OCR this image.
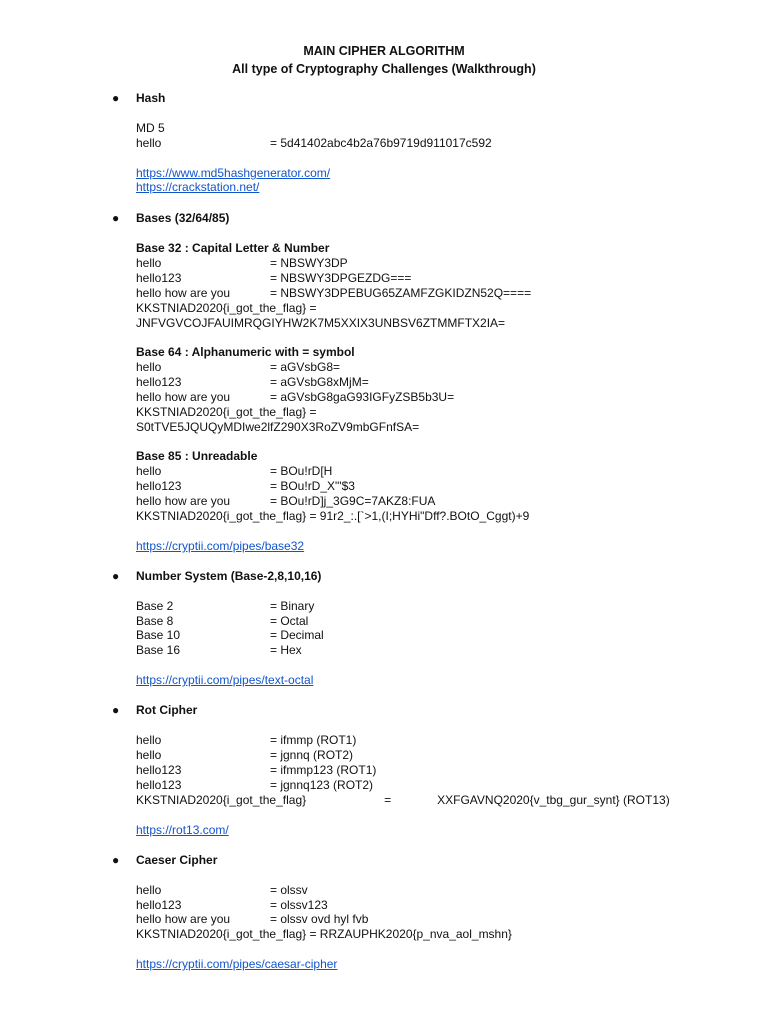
MAIN CIPHER ALGORITHM
All type of Cryptography Challenges (Walkthrough)
● Hash
MD 5
hello	= 5d41402abc4b2a76b9719d911017c592
https://www.md5hashgenerator.com/
https://crackstation.net/
● Bases (32/64/85)
Base 32 : Capital Letter & Number
hello	= NBSWY3DP
hello123	= NBSWY3DPGEZDG===
hello how are you	= NBSWY3DPEBUG65ZAMFZGKIDZN52Q====
KKSTNIAD2020{i_got_the_flag} =
JNFVGVCOJFAUIMRQGIYHW2K7M5XXIX3UNBSV6ZTMMFTX2IA=
Base 64 : Alphanumeric with = symbol
hello	= aGVsbG8=
hello123	= aGVsbG8xMjM=
hello how are you	= aGVsbG8gaG93IGFyZSB5b3U=
KKSTNIAD2020{i_got_the_flag} =
S0tTVE5JQUQyMDIwe2lfZ290X3RoZV9mbGFnfSA=
Base 85 : Unreadable
hello	= BOu!rD[H
hello123	= BOu!rD_X"'$3
hello how are you	= BOu!rD]j_3G9C=7AKZ8:FUA
KKSTNIAD2020{i_got_the_flag} = 91r2_:.[`>1,(I;HYHi"Dff?.BOtO_Cggt)+9
https://cryptii.com/pipes/base32
● Number System (Base-2,8,10,16)
Base 2	= Binary
Base 8	= Octal
Base 10	= Decimal
Base 16	= Hex
https://cryptii.com/pipes/text-octal
● Rot Cipher
hello	= ifmmp (ROT1)
hello	= jgnnq (ROT2)
hello123	= ifmmp123 (ROT1)
hello123	= jgnnq123 (ROT2)
KKSTNIAD2020{i_got_the_flag}	=	XXFGAVNQ2020{v_tbg_gur_synt} (ROT13)
https://rot13.com/
● Caeser Cipher
hello	= olssv
hello123	= olssv123
hello how are you	= olssv ovd hyl fvb
KKSTNIAD2020{i_got_the_flag} = RRZAUPHK2020{p_nva_aol_mshn}
https://cryptii.com/pipes/caesar-cipher
